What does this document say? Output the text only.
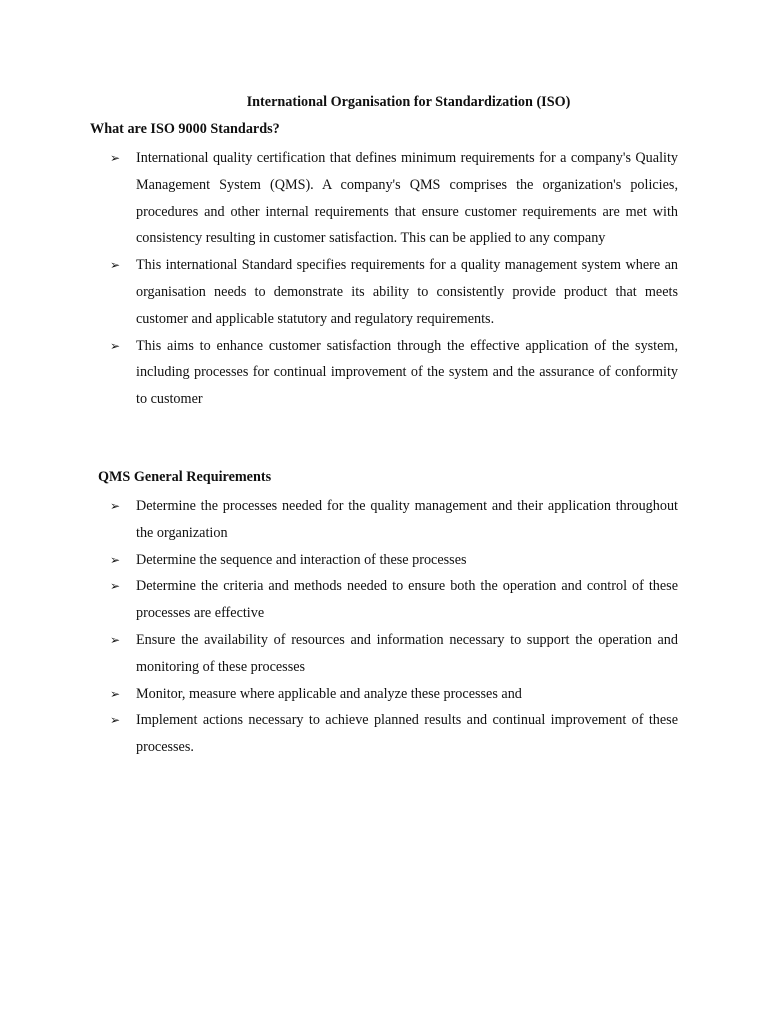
International Organisation for Standardization (ISO)
What are ISO 9000 Standards?
➢ International quality certification that defines minimum requirements for a company's Quality Management System (QMS). A company's QMS comprises the organization's policies, procedures and other internal requirements that ensure customer requirements are met with consistency resulting in customer satisfaction. This can be applied to any company
➢ This international Standard specifies requirements for a quality management system where an organisation needs to demonstrate its ability to consistently provide product that meets customer and applicable statutory and regulatory requirements.
➢ This aims to enhance customer satisfaction through the effective application of the system, including processes for continual improvement of the system and the assurance of conformity to customer
QMS General Requirements
➢ Determine the processes needed for the quality management and their application throughout the organization
➢ Determine the sequence and interaction of these processes
➢ Determine the criteria and methods needed to ensure both the operation and control of these processes are effective
➢ Ensure the availability of resources and information necessary to support the operation and monitoring of these processes
➢ Monitor, measure where applicable and analyze these processes and
➢ Implement actions necessary to achieve planned results and continual improvement of these processes.
